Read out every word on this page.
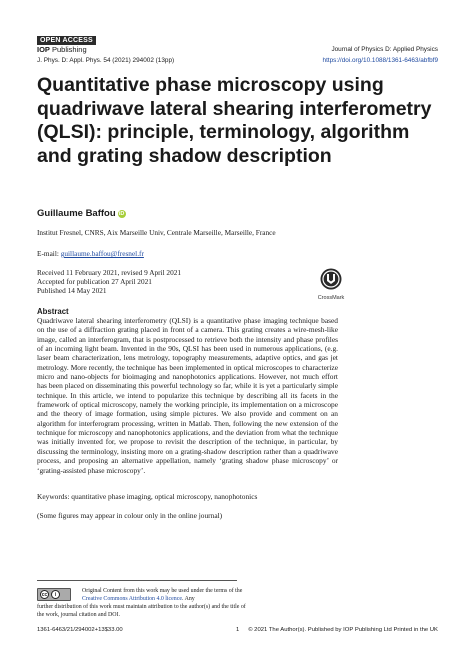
OPEN ACCESS
IOP Publishing
J. Phys. D: Appl. Phys. 54 (2021) 294002 (13pp)
Journal of Physics D: Applied Physics
https://doi.org/10.1088/1361-6463/abfbf9
Quantitative phase microscopy using quadriwave lateral shearing interferometry (QLSI): principle, terminology, algorithm and grating shadow description
Guillaume Baffou iD
Institut Fresnel, CNRS, Aix Marseille Univ, Centrale Marseille, Marseille, France
E-mail: guillaume.baffou@fresnel.fr
Received 11 February 2021, revised 9 April 2021
Accepted for publication 27 April 2021
Published 14 May 2021
CrossMark
Abstract
Quadriwave lateral shearing interferometry (QLSI) is a quantitative phase imaging technique based on the use of a diffraction grating placed in front of a camera. This grating creates a wire-mesh-like image, called an interferogram, that is postprocessed to retrieve both the intensity and phase profiles of an incoming light beam. Invented in the 90s, QLSI has been used in numerous applications, (e.g. laser beam characterization, lens metrology, topography measurements, adaptive optics, and gas jet metrology. More recently, the technique has been implemented in optical microscopes to characterize micro and nano-objects for bioimaging and nanophotonics applications. However, not much effort has been placed on disseminating this powerful technology so far, while it is yet a particularly simple technique. In this article, we intend to popularize this technique by describing all its facets in the framework of optical microscopy, namely the working principle, its implementation on a microscope and the theory of image formation, using simple pictures. We also provide and comment on an algorithm for interferogram processing, written in Matlab. Then, following the new extension of the technique for microscopy and nanophotonics applications, and the deviation from what the technique was initially invented for, we propose to revisit the description of the technique, in particular, by discussing the terminology, insisting more on a grating-shadow description rather than a quadriwave process, and proposing an alternative appellation, namely ‘grating shadow phase microscopy’ or ‘grating-assisted phase microscopy’.
Keywords: quantitative phase imaging, optical microscopy, nanophotonics
(Some figures may appear in colour only in the online journal)
cc	i
Original Content from this work may be used under the terms of the Creative Commons Attribution 4.0 licence. Any
further distribution of this work must maintain attribution to the author(s) and the title of the work, journal citation and DOI.
1361-6463/21/294002+13$33.00	1 © 2021 The Author(s). Published by IOP Publishing Ltd Printed in the UK
